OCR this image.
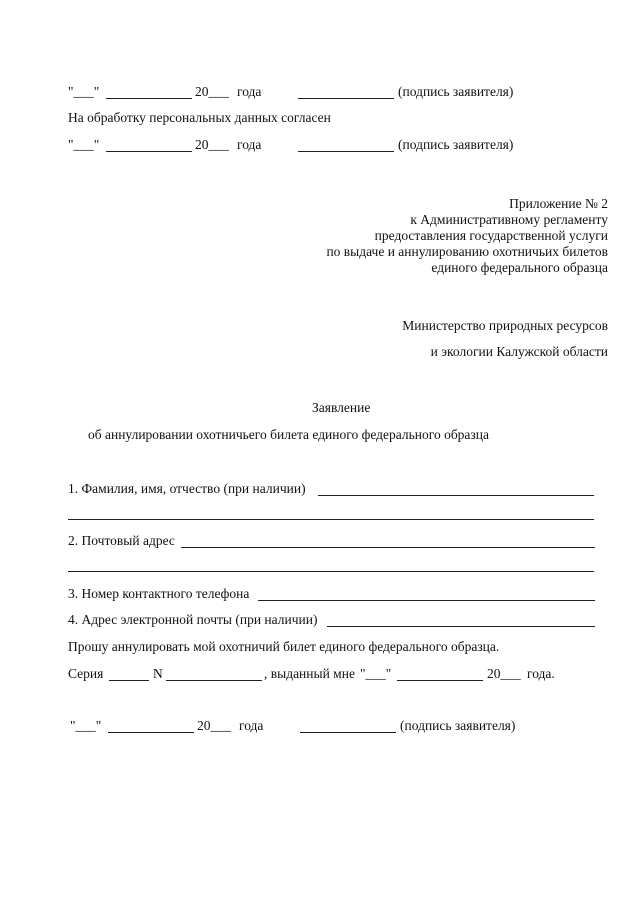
"___"	20___ года	(подпись заявителя)
На обработку персональных данных согласен
"___"	20___ года	(подпись заявителя)
Приложение № 2
к Административному регламенту
предоставления государственной услуги
по выдаче и аннулированию охотничьих билетов
единого федерального образца
Министерство природных ресурсов
и экологии Калужской области
Заявление
об аннулировании охотничьего билета единого федерального образца
1. Фамилия, имя, отчество (при наличии)
2. Почтовый адрес
3. Номер контактного телефона
4. Адрес электронной почты (при наличии)
Прошу аннулировать мой охотничий билет единого федерального образца.
Серия	N	, выданный мне "___"	20___ года.
"___"	20___ года	(подпись заявителя)
